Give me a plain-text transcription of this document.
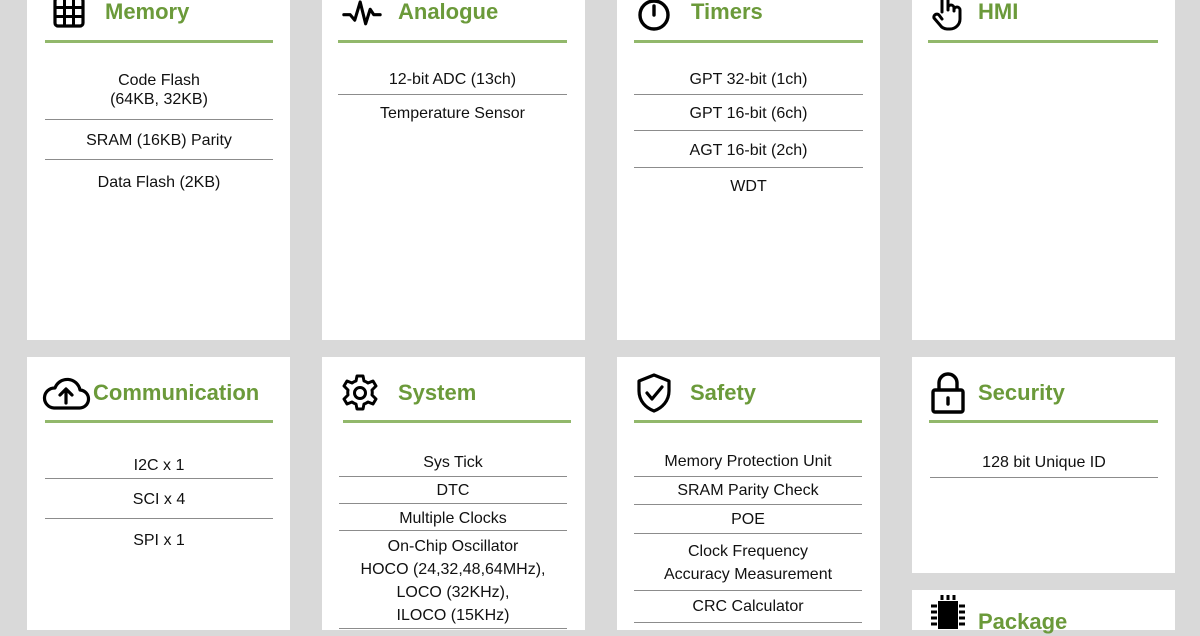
Memory
Code Flash
(64KB, 32KB)
SRAM (16KB) Parity
Data Flash (2KB)
Analogue
12-bit ADC (13ch)
Temperature Sensor
Timers
GPT 32-bit (1ch)
GPT 16-bit (6ch)
AGT 16-bit (2ch)
WDT
HMI
Communication
I2C x 1
SCI x 4
SPI x 1
System
Sys Tick
DTC
Multiple Clocks
On-Chip Oscillator
HOCO (24,32,48,64MHz),
LOCO (32KHz),
ILOCO (15KHz)
Safety
Memory Protection Unit
SRAM Parity Check
POE
Clock Frequency
Accuracy Measurement
CRC Calculator
Security
128 bit Unique ID
Package
